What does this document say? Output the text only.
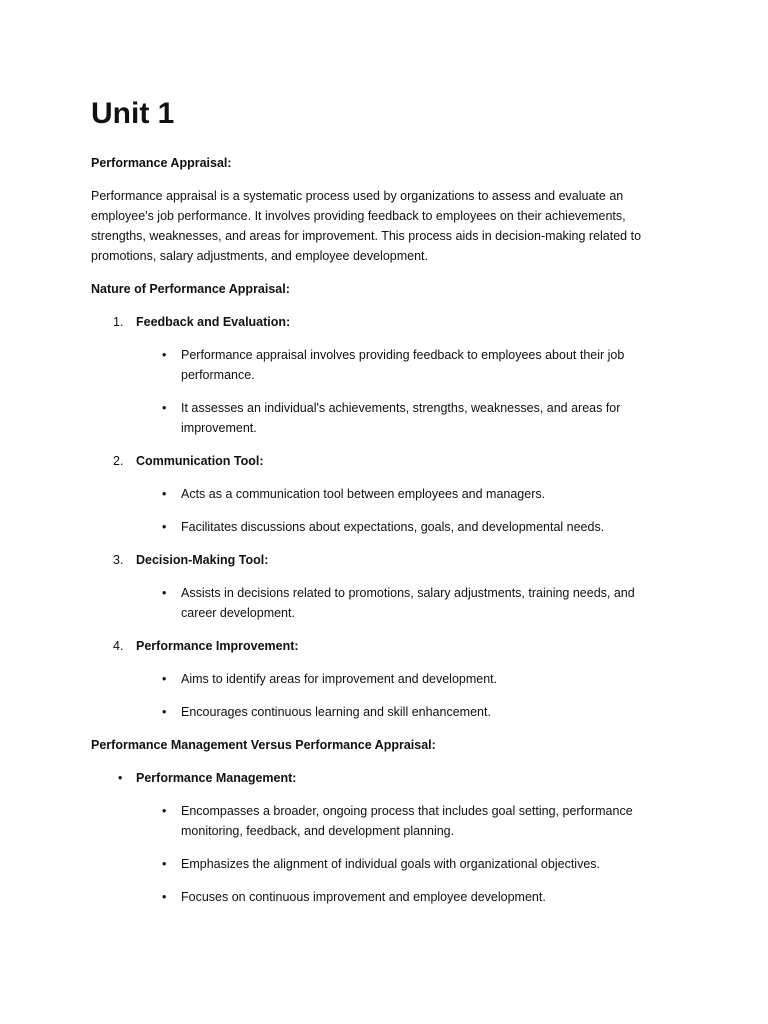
Unit 1
Performance Appraisal:

Performance appraisal is a systematic process used by organizations to assess and evaluate an employee's job performance. It involves providing feedback to employees on their achievements, strengths, weaknesses, and areas for improvement. This process aids in decision-making related to promotions, salary adjustments, and employee development.

Nature of Performance Appraisal:
1. Feedback and Evaluation:
• Performance appraisal involves providing feedback to employees about their job performance.
• It assesses an individual's achievements, strengths, weaknesses, and areas for improvement.
2. Communication Tool:
• Acts as a communication tool between employees and managers.
• Facilitates discussions about expectations, goals, and developmental needs.
3. Decision-Making Tool:
• Assists in decisions related to promotions, salary adjustments, training needs, and career development.
4. Performance Improvement:
• Aims to identify areas for improvement and development.
• Encourages continuous learning and skill enhancement.
Performance Management Versus Performance Appraisal:
• Performance Management:
• Encompasses a broader, ongoing process that includes goal setting, performance monitoring, feedback, and development planning.
• Emphasizes the alignment of individual goals with organizational objectives.
• Focuses on continuous improvement and employee development.
